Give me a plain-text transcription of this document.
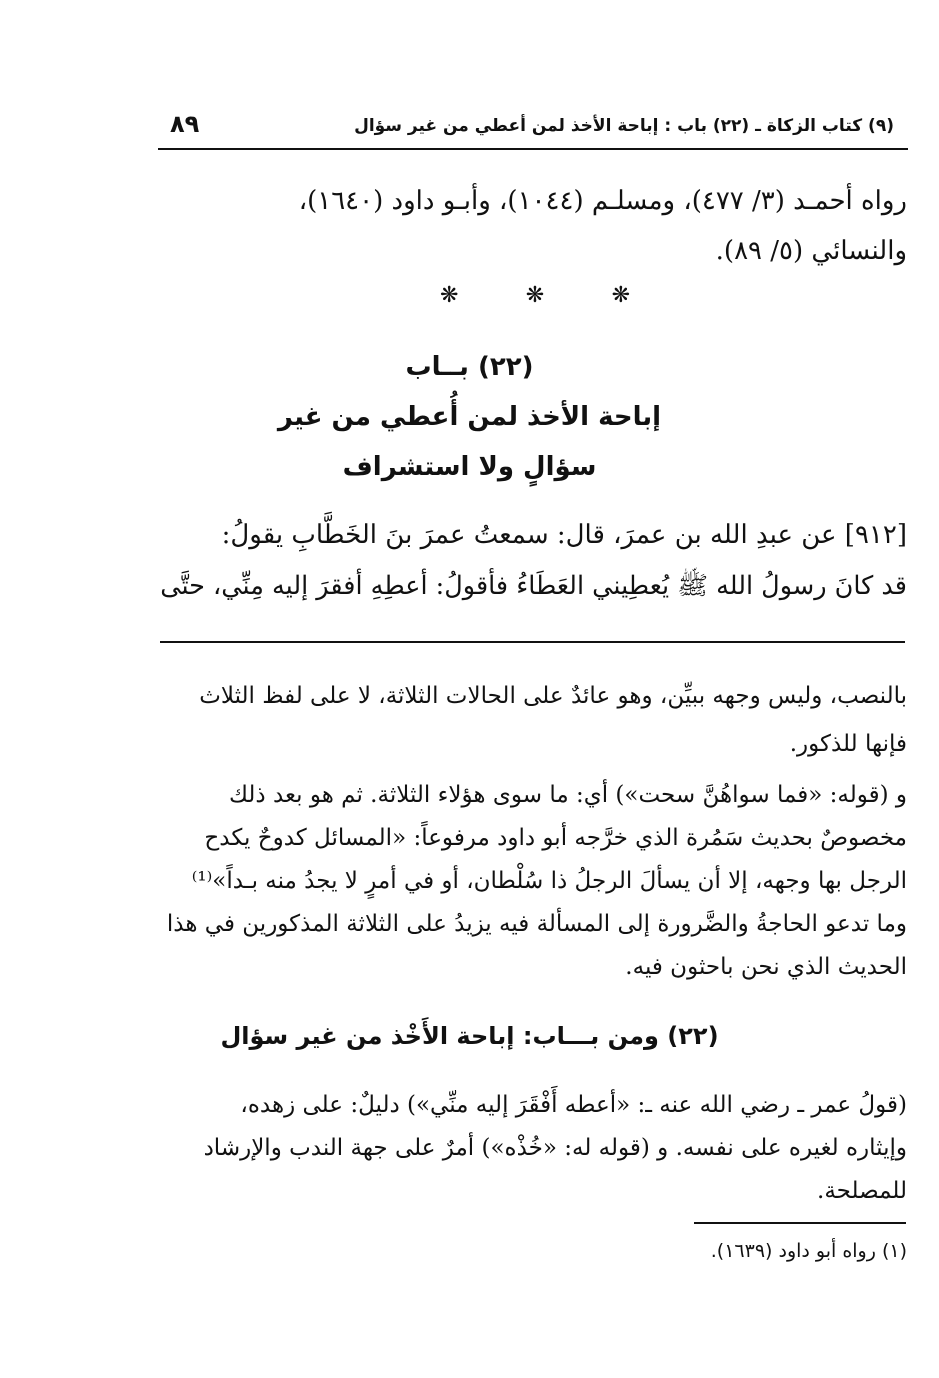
(٩) كتاب الزكاة ـ (٢٢) باب : إباحة الأخذ لمن أعطي من غير سؤال
٨٩
رواه أحمـد (٣/ ٤٧٧)، ومسلـم (١٠٤٤)، وأبـو داود (١٦٤٠)،
والنسائي (٥/ ٨٩).
❋	❋	❋
(٢٢) بــاب
إباحة الأخذ لمن أُعطي من غير
سؤالٍ ولا استشراف
[٩١٢] عن عبدِ الله بن عمرَ، قال: سمعتُ عمرَ بنَ الخَطَّابِ يقولُ:
قد كانَ رسولُ الله ﷺ يُعطِيني العَطَاءُ فأقولُ: أعطِهِ أفقرَ إليه مِنِّي، حتَّى
بالنصب، وليس وجهه ببيِّن، وهو عائدٌ على الحالات الثلاثة، لا على لفظ الثلاث
فإنها للذكور.
و (قوله: «فما سواهُنَّ سحت») أي: ما سوى هؤلاء الثلاثة. ثم هو بعد ذلك
مخصوصٌ بحديث سَمُرة الذي خرَّجه أبو داود مرفوعاً: «المسائل كدوحٌ يكدح
الرجل بها وجهه، إلا أن يسألَ الرجلُ ذا سُلْطان، أو في أمرٍ لا يجدُ منه بـداً»⁽¹⁾
وما تدعو الحاجةُ والضَّرورة إلى المسألة فيه يزيدُ على الثلاثة المذكورين في هذا
الحديث الذي نحن باحثون فيه.
(٢٢) ومن بـــاب: إباحة الأَخْذ من غير سؤال
(قولُ عمر ـ رضي الله عنه ـ: «أعطه أَفْقَرَ إليه منِّي») دليلٌ: على زهده،
وإيثاره لغيره على نفسه. و (قوله له: «خُذْه») أمرٌ على جهة الندب والإرشاد
للمصلحة.
(١) رواه أبو داود (١٦٣٩).
